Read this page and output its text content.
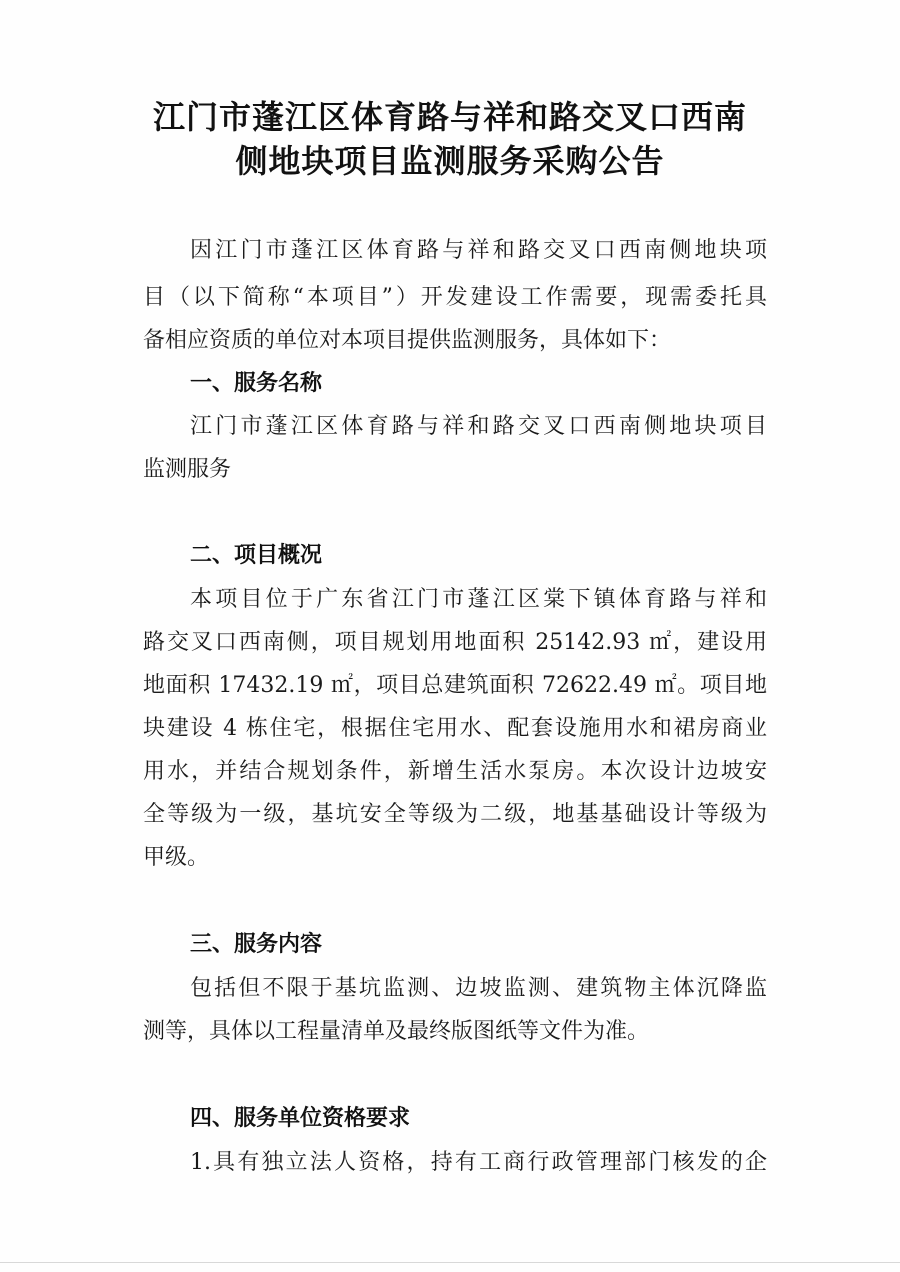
江门市蓬江区体育路与祥和路交叉口西南
侧地块项目监测服务采购公告
因江门市蓬江区体育路与祥和路交叉口西南侧地块项
目（以下简称“本项目”）开发建设工作需要，现需委托具
备相应资质的单位对本项目提供监测服务，具体如下：
一、服务名称
江门市蓬江区体育路与祥和路交叉口西南侧地块项目
监测服务
二、项目概况
本项目位于广东省江门市蓬江区棠下镇体育路与祥和
路交叉口西南侧，项目规划用地面积 25142.93 ㎡，建设用
地面积 17432.19 ㎡，项目总建筑面积 72622.49 ㎡。项目地
块建设 4 栋住宅，根据住宅用水、配套设施用水和裙房商业
用水，并结合规划条件，新增生活水泵房。本次设计边坡安
全等级为一级，基坑安全等级为二级，地基基础设计等级为
甲级。
三、服务内容
包括但不限于基坑监测、边坡监测、建筑物主体沉降监
测等，具体以工程量清单及最终版图纸等文件为准。
四、服务单位资格要求
1.具有独立法人资格，持有工商行政管理部门核发的企
